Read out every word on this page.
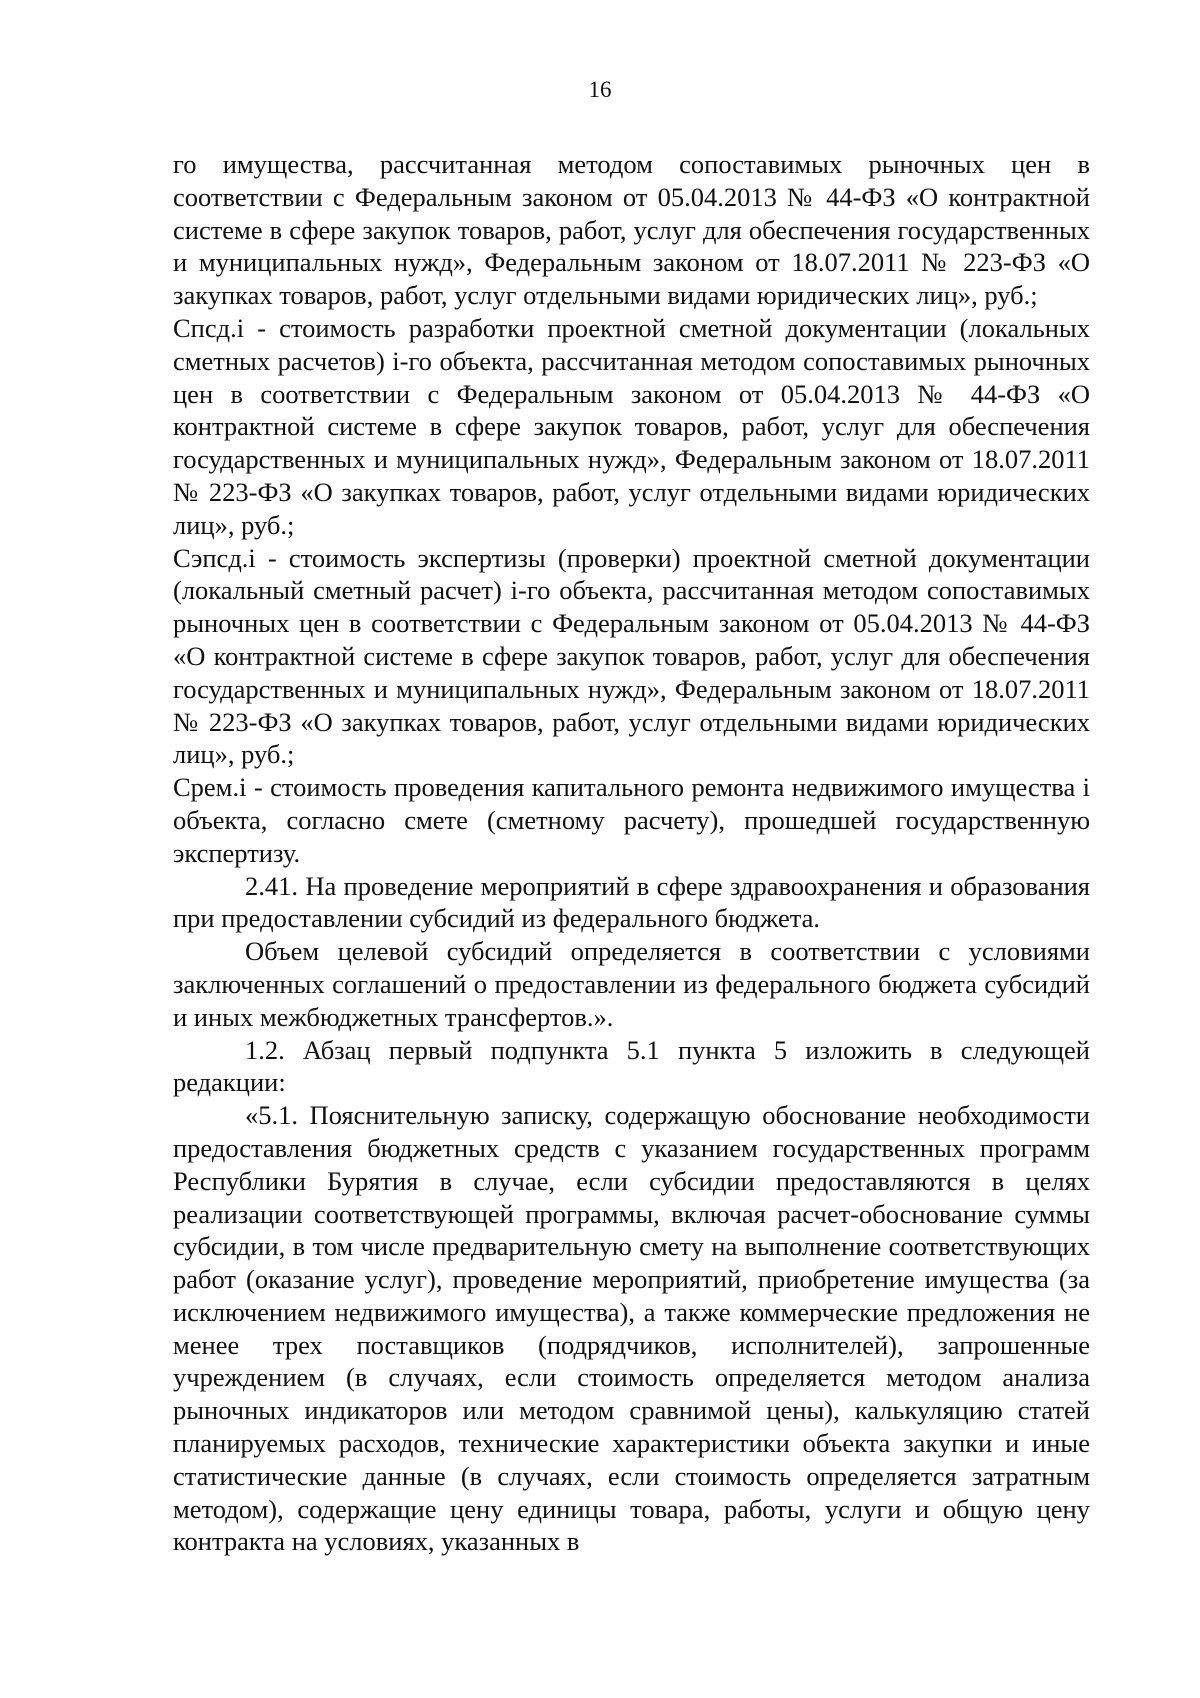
16

го имущества, рассчитанная методом сопоставимых рыночных цен в соответствии с Федеральным законом от 05.04.2013 № 44-ФЗ «О контрактной системе в сфере закупок товаров, работ, услуг для обеспечения государственных и муниципальных нужд», Федеральным законом от 18.07.2011 № 223-ФЗ «О закупках товаров, работ, услуг отдельными видами юридических лиц», руб.;

Спсд.i - стоимость разработки проектной сметной документации (локальных сметных расчетов) i-го объекта, рассчитанная методом сопоставимых рыночных цен в соответствии с Федеральным законом от 05.04.2013 № 44-ФЗ «О контрактной системе в сфере закупок товаров, работ, услуг для обеспечения государственных и муниципальных нужд», Федеральным законом от 18.07.2011 № 223-ФЗ «О закупках товаров, работ, услуг отдельными видами юридических лиц», руб.;

Сэпсд.i - стоимость экспертизы (проверки) проектной сметной документации (локальный сметный расчет) i-го объекта, рассчитанная методом сопоставимых рыночных цен в соответствии с Федеральным законом от 05.04.2013 № 44-ФЗ «О контрактной системе в сфере закупок товаров, работ, услуг для обеспечения государственных и муниципальных нужд», Федеральным законом от 18.07.2011 № 223-ФЗ «О закупках товаров, работ, услуг отдельными видами юридических лиц», руб.;

Срем.i - стоимость проведения капитального ремонта недвижимого имущества i объекта, согласно смете (сметному расчету), прошедшей государственную экспертизу.

2.41. На проведение мероприятий в сфере здравоохранения и образования при предоставлении субсидий из федерального бюджета.

Объем целевой субсидий определяется в соответствии с условиями заключенных соглашений о предоставлении из федерального бюджета субсидий и иных межбюджетных трансфертов.».

1.2. Абзац первый подпункта 5.1 пункта 5 изложить в следующей редакции:

«5.1. Пояснительную записку, содержащую обоснование необходимости предоставления бюджетных средств с указанием государственных программ Республики Бурятия в случае, если субсидии предоставляются в целях реализации соответствующей программы, включая расчет-обоснование суммы субсидии, в том числе предварительную смету на выполнение соответствующих работ (оказание услуг), проведение мероприятий, приобретение имущества (за исключением недвижимого имущества), а также коммерческие предложения не менее трех поставщиков (подрядчиков, исполнителей), запрошенные учреждением (в случаях, если стоимость определяется методом анализа рыночных индикаторов или методом сравнимой цены), калькуляцию статей планируемых расходов, технические характеристики объекта закупки и иные статистические данные (в случаях, если стоимость определяется затратным методом), содержащие цену единицы товара, работы, услуги и общую цену контракта на условиях, указанных в
